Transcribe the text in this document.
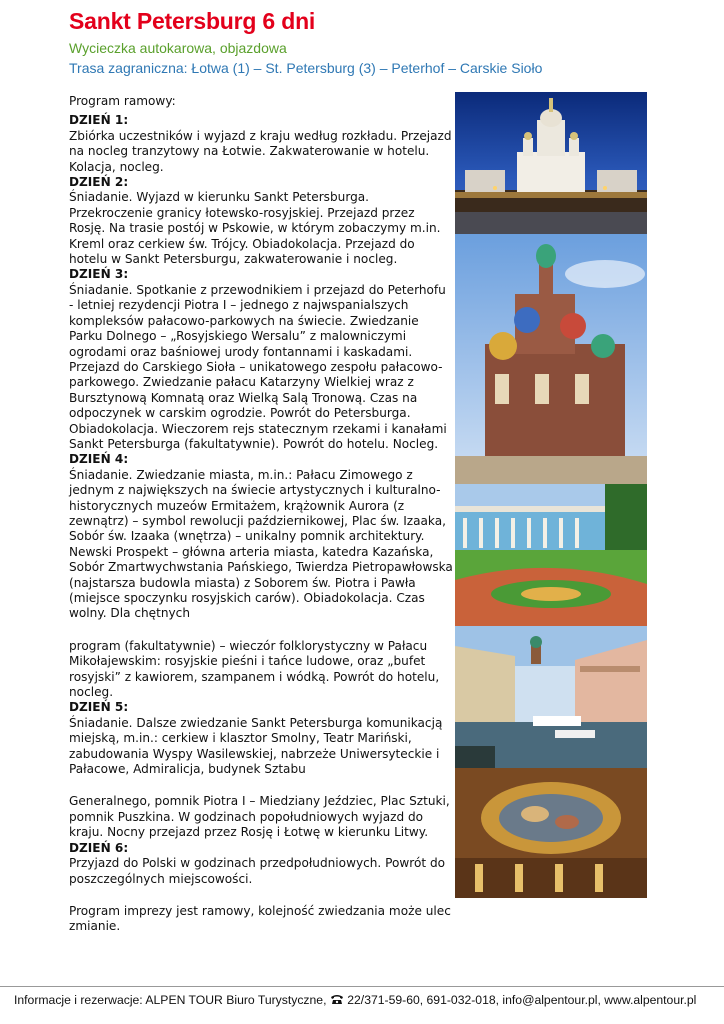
Sankt Petersburg 6 dni
Wycieczka autokarowa, objazdowa
Trasa zagraniczna: Łotwa (1) – St. Petersburg (3) – Peterhof – Carskie Sioło

Program ramowy:

DZIEŃ 1:

Zbiórka uczestników i wyjazd z kraju według rozkładu. Przejazd na nocleg tranzytowy na Łotwie. Zakwaterowanie w hotelu. Kolacja, nocleg.

DZIEŃ 2:

Śniadanie. Wyjazd w kierunku Sankt Petersburga. Przekroczenie granicy łotewsko-rosyjskiej. Przejazd przez Rosję. Na trasie postój w Pskowie, w którym zobaczymy m.in. Kreml oraz cerkiew św. Trójcy. Obiadokolacja. Przejazd do hotelu w Sankt Petersburgu, zakwaterowanie i nocleg.

DZIEŃ 3:

Śniadanie. Spotkanie z przewodnikiem i przejazd do Peterhofu - letniej rezydencji Piotra I – jednego z najwspanialszych kompleksów pałacowo-parkowych na świecie. Zwiedzanie Parku Dolnego – „Rosyjskiego Wersalu” z malowniczymi ogrodami oraz baśniowej urody fontannami i kaskadami. Przejazd do Carskiego Sioła – unikatowego zespołu pałacowo-parkowego. Zwiedzanie pałacu Katarzyny Wielkiej wraz z Bursztynową Komnatą oraz Wielką Salą Tronową. Czas na odpoczynek w carskim ogrodzie. Powrót do Petersburga. Obiadokolacja. Wieczorem rejs statecznym rzekami i kanałami Sankt Petersburga (fakultatywnie). Powrót do hotelu. Nocleg.

DZIEŃ 4:

Śniadanie. Zwiedzanie miasta, m.in.: Pałacu Zimowego z jednym z największych na świecie artystycznych i kulturalno-historycznych muzeów Ermitażem, krążownik Aurora (z zewnątrz) – symbol rewolucji październikowej, Plac św. Izaaka, Sobór św. Izaaka (wnętrza) – unikalny pomnik architektury. Newski Prospekt – główna arteria miasta, katedra Kazańska, Sobór Zmartwychwstania Pańskiego, Twierdza Pietropawłowska (najstarsza budowla miasta) z Soborem św. Piotra i Pawła (miejsce spoczynku rosyjskich carów). Obiadokolacja. Czas wolny. Dla chętnych

program (fakultatywnie) – wieczór folklorystyczny w Pałacu Mikołajewskim: rosyjskie pieśni i tańce ludowe, oraz „bufet rosyjski” z kawiorem, szampanem i wódką. Powrót do hotelu, nocleg.

DZIEŃ 5:

Śniadanie. Dalsze zwiedzanie Sankt Petersburga komunikacją miejską, m.in.: cerkiew i klasztor Smolny, Teatr Mariński, zabudowania Wyspy Wasilewskiej, nabrzeże Uniwersyteckie i Pałacowe, Admiralicja, budynek Sztabu

Generalnego, pomnik Piotra I – Miedziany Jeździec, Plac Sztuki, pomnik Puszkina. W godzinach popołudniowych wyjazd do kraju. Nocny przejazd przez Rosję i Łotwę w kierunku Litwy.

DZIEŃ 6:

Przyjazd do Polski w godzinach przedpołudniowych. Powrót do poszczególnych miejscowości.

Program imprezy jest ramowy, kolejność zwiedzania może ulec zmianie.

Informacje i rezerwacje: ALPEN TOUR Biuro Turystyczne,  22/371-59-60, 691-032-018, info@alpentour.pl, www.alpentour.pl
